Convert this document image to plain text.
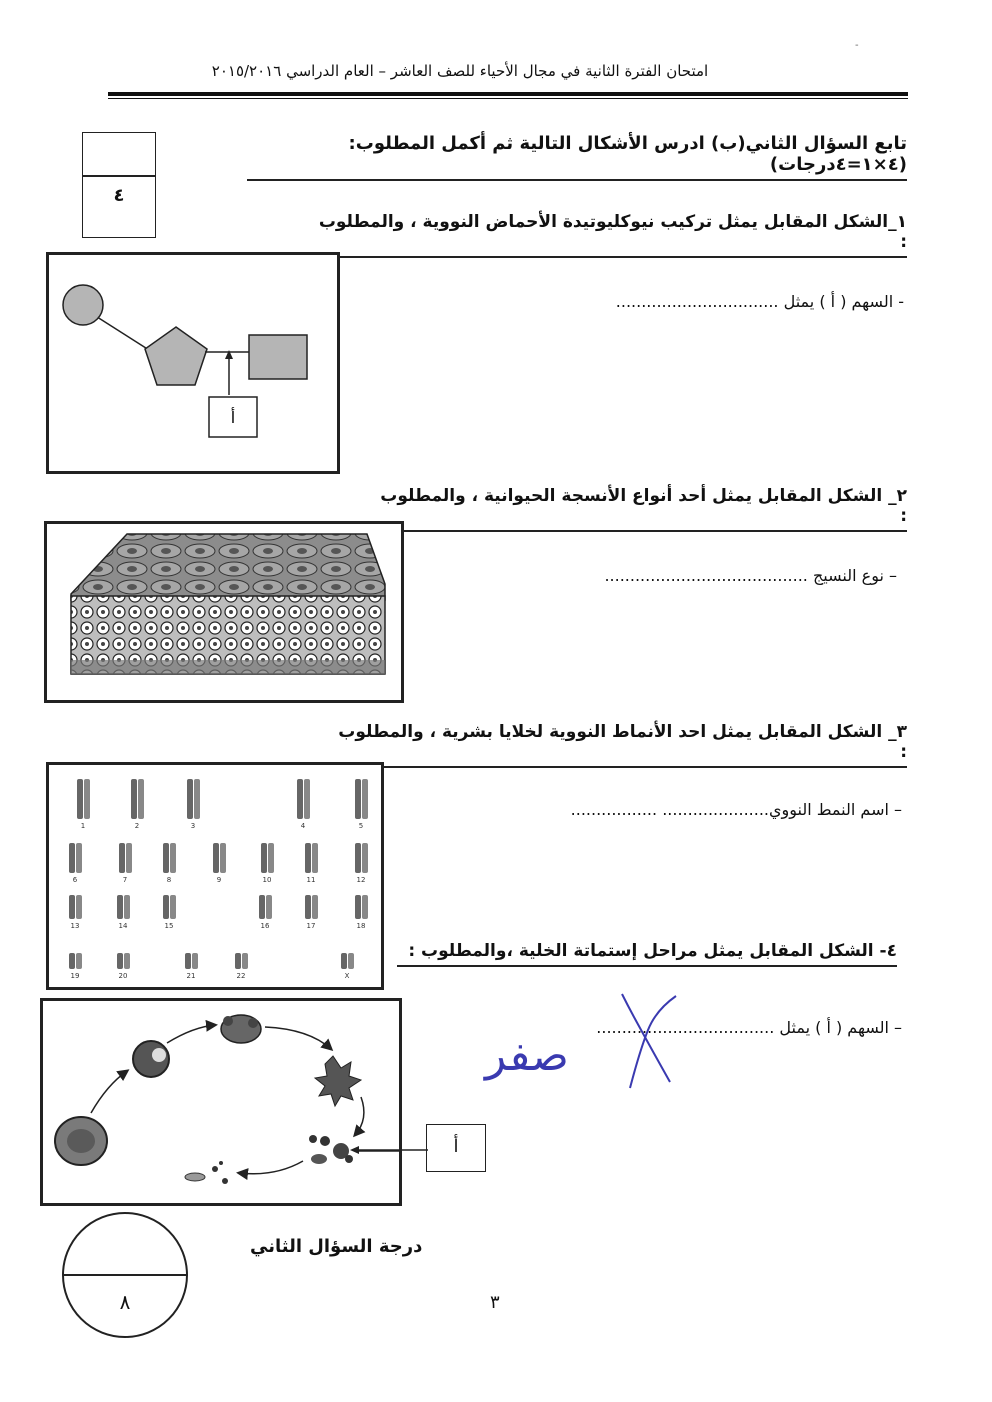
-
امتحان الفترة الثانية في مجال الأحياء للصف العاشر – العام الدراسي ٢٠١٥/٢٠١٦
٤
تابع السؤال الثاني(ب) ادرس الأشكال التالية ثم أكمل المطلوب: (٤×١=٤درجات)
١_الشكل المقابل يمثل تركيب نيوكليوتيدة الأحماض النووية ، والمطلوب :
أ
- السهم ( أ ) يمثل ................................
٢_ الشكل المقابل يمثل أحد أنواع الأنسجة الحيوانية ، والمطلوب :
– نوع النسيج ........................................
٣_ الشكل المقابل يمثل احد الأنماط النووية لخلايا بشرية ، والمطلوب :
1	2	3	4	5
6	7	8	9	10	11	12
13	14	15	16	17	18
19	20	21	22	X
– اسم النمط النووي..................... .................
٤- الشكل المقابل يمثل مراحل إستماتة الخلية ،والمطلوب :
أ
– السهم ( أ ) يمثل ...................................
صفر
درجة السؤال الثاني
٨	٣
